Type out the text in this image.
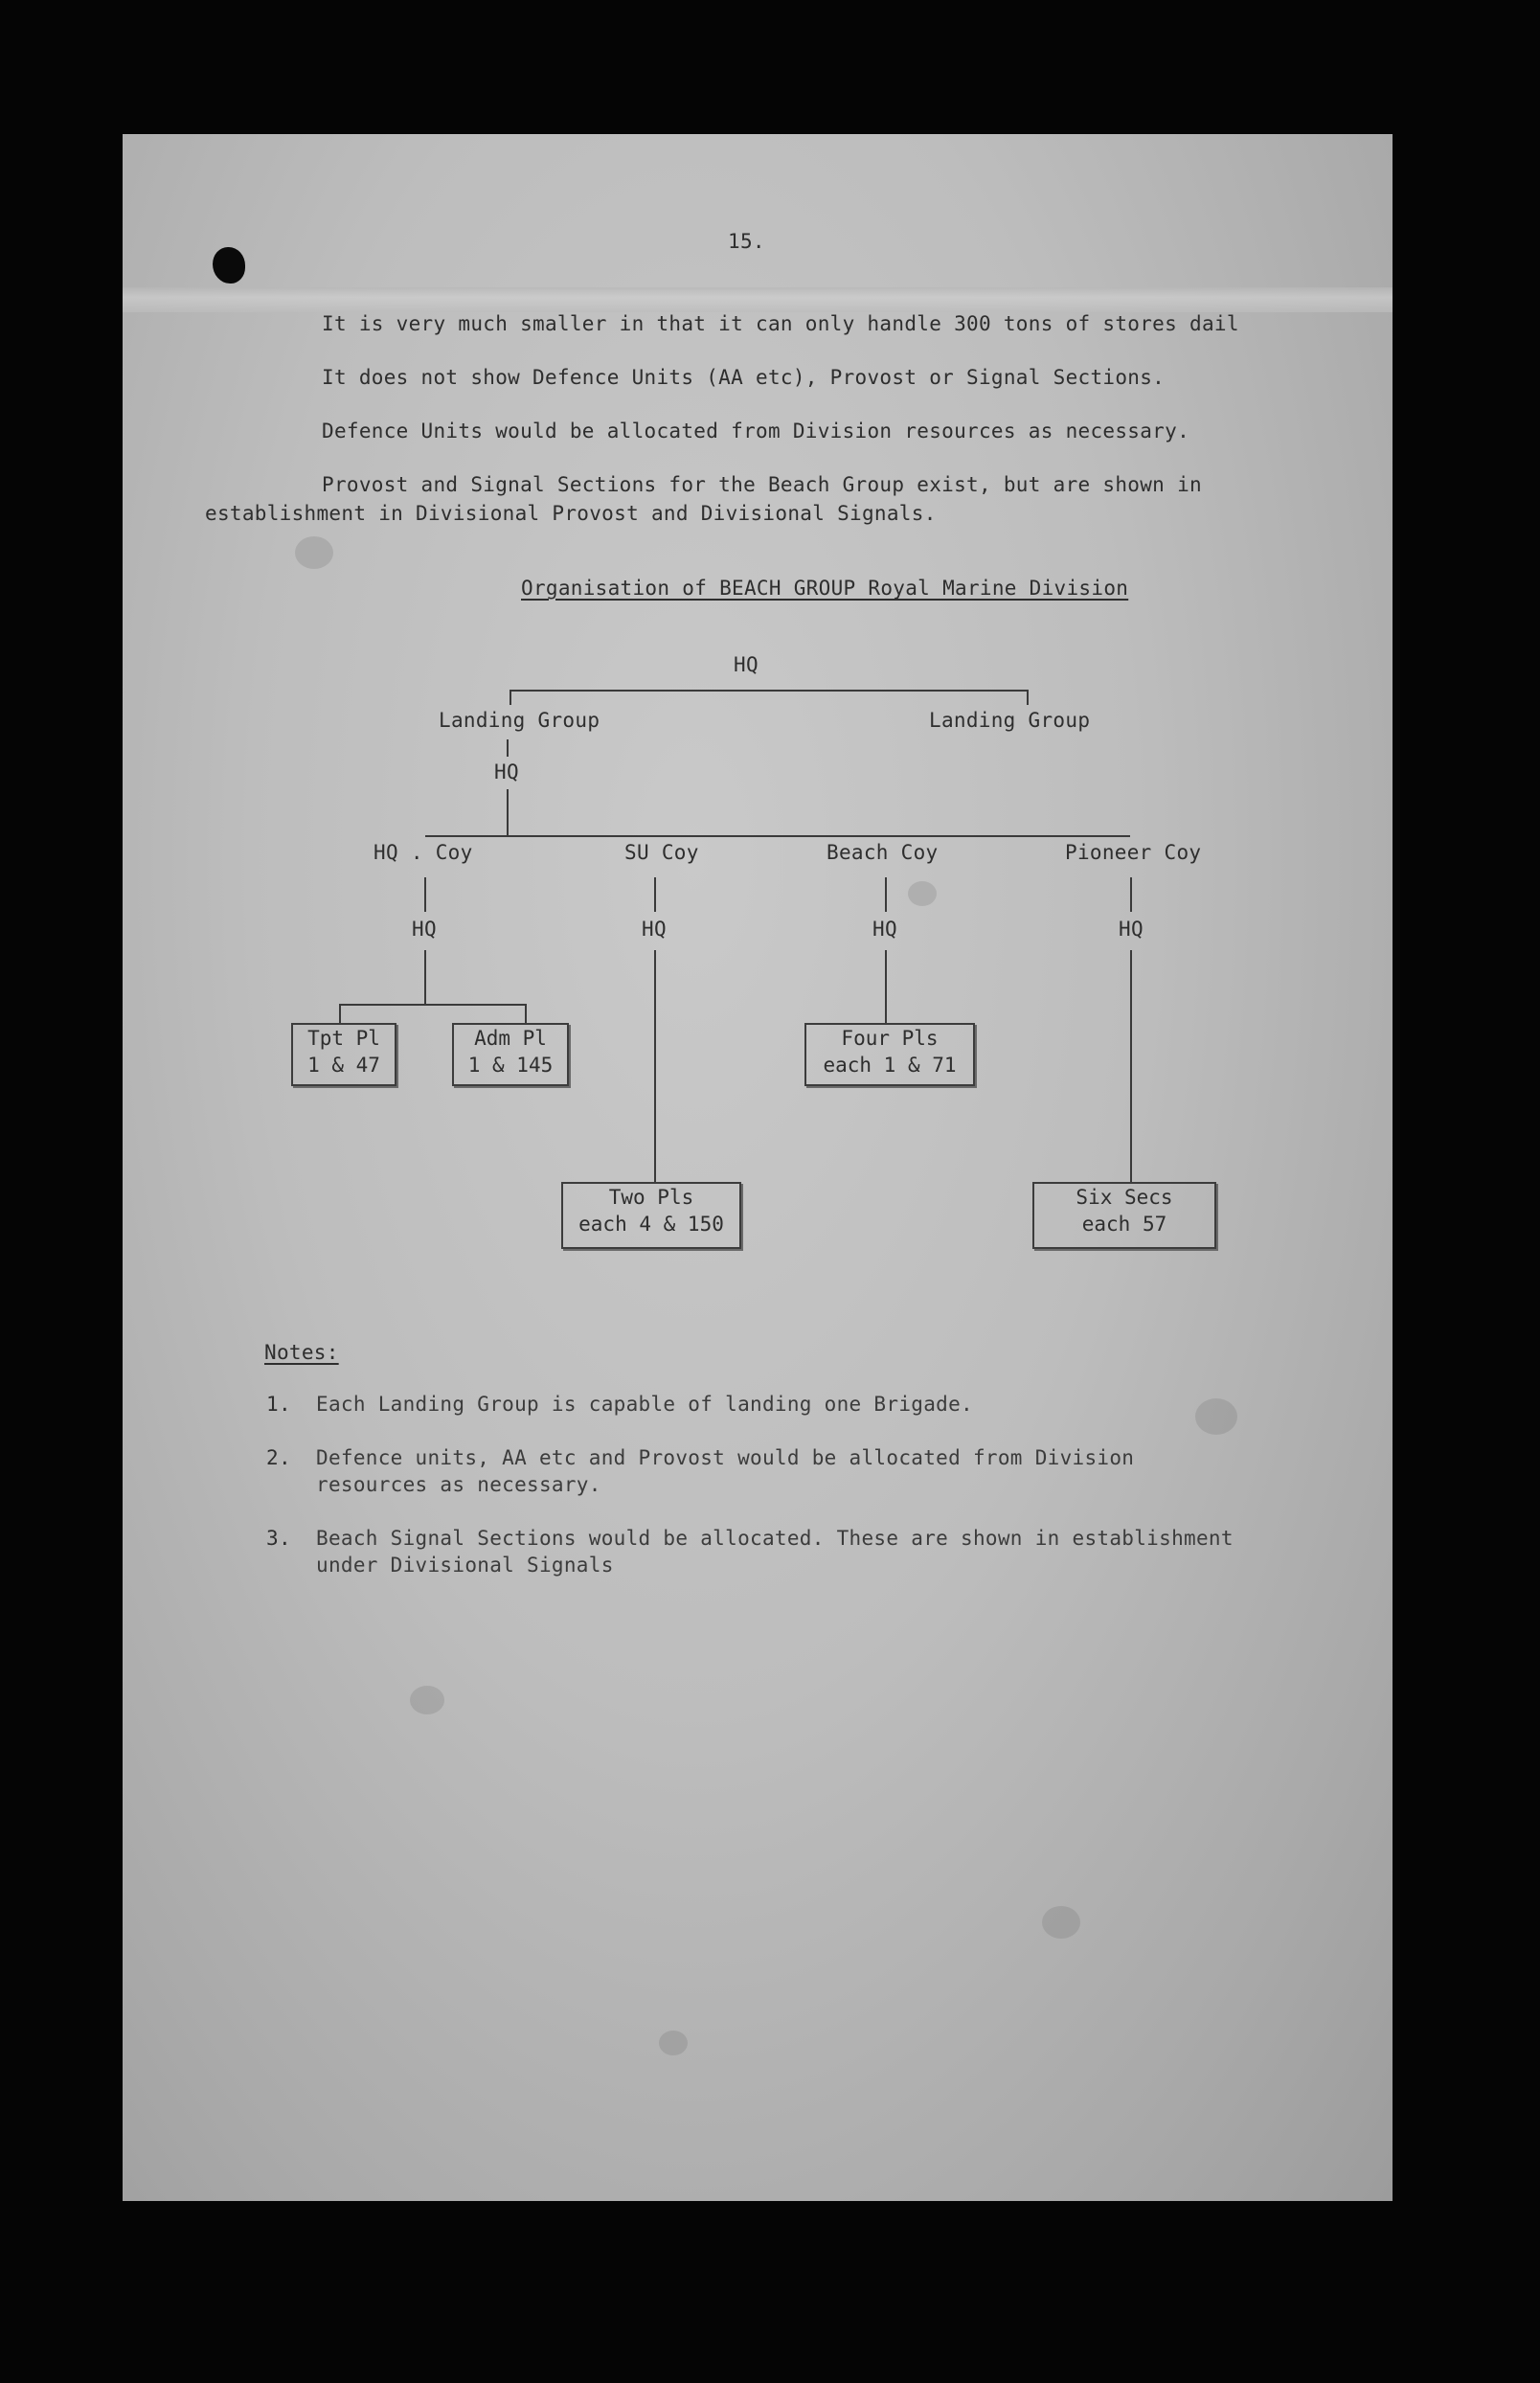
15.
It is very much smaller in that it can only handle 300 tons of stores dail
It does not show Defence Units (AA etc), Provost or Signal Sections.
Defence Units would be allocated from Division resources as necessary.
Provost and Signal Sections for the Beach Group exist, but are shown in
establishment in Divisional Provost and Divisional Signals.
Organisation of BEACH GROUP Royal Marine Division
HQ
Landing Group	Landing Group
HQ
HQ . Coy	SU Coy	Beach Coy	Pioneer Coy
HQ	HQ	HQ	HQ
Tpt Pl
1 & 47
Adm Pl
1 & 145
Four Pls
each 1 & 71
Two Pls
each 4 & 150
Six Secs
each 57
Notes:
1. Each Landing Group is capable of landing one Brigade.
2. Defence units, AA etc and Provost would be allocated from Division
resources as necessary.
3. Beach Signal Sections would be allocated. These are shown in establishment
under Divisional Signals
